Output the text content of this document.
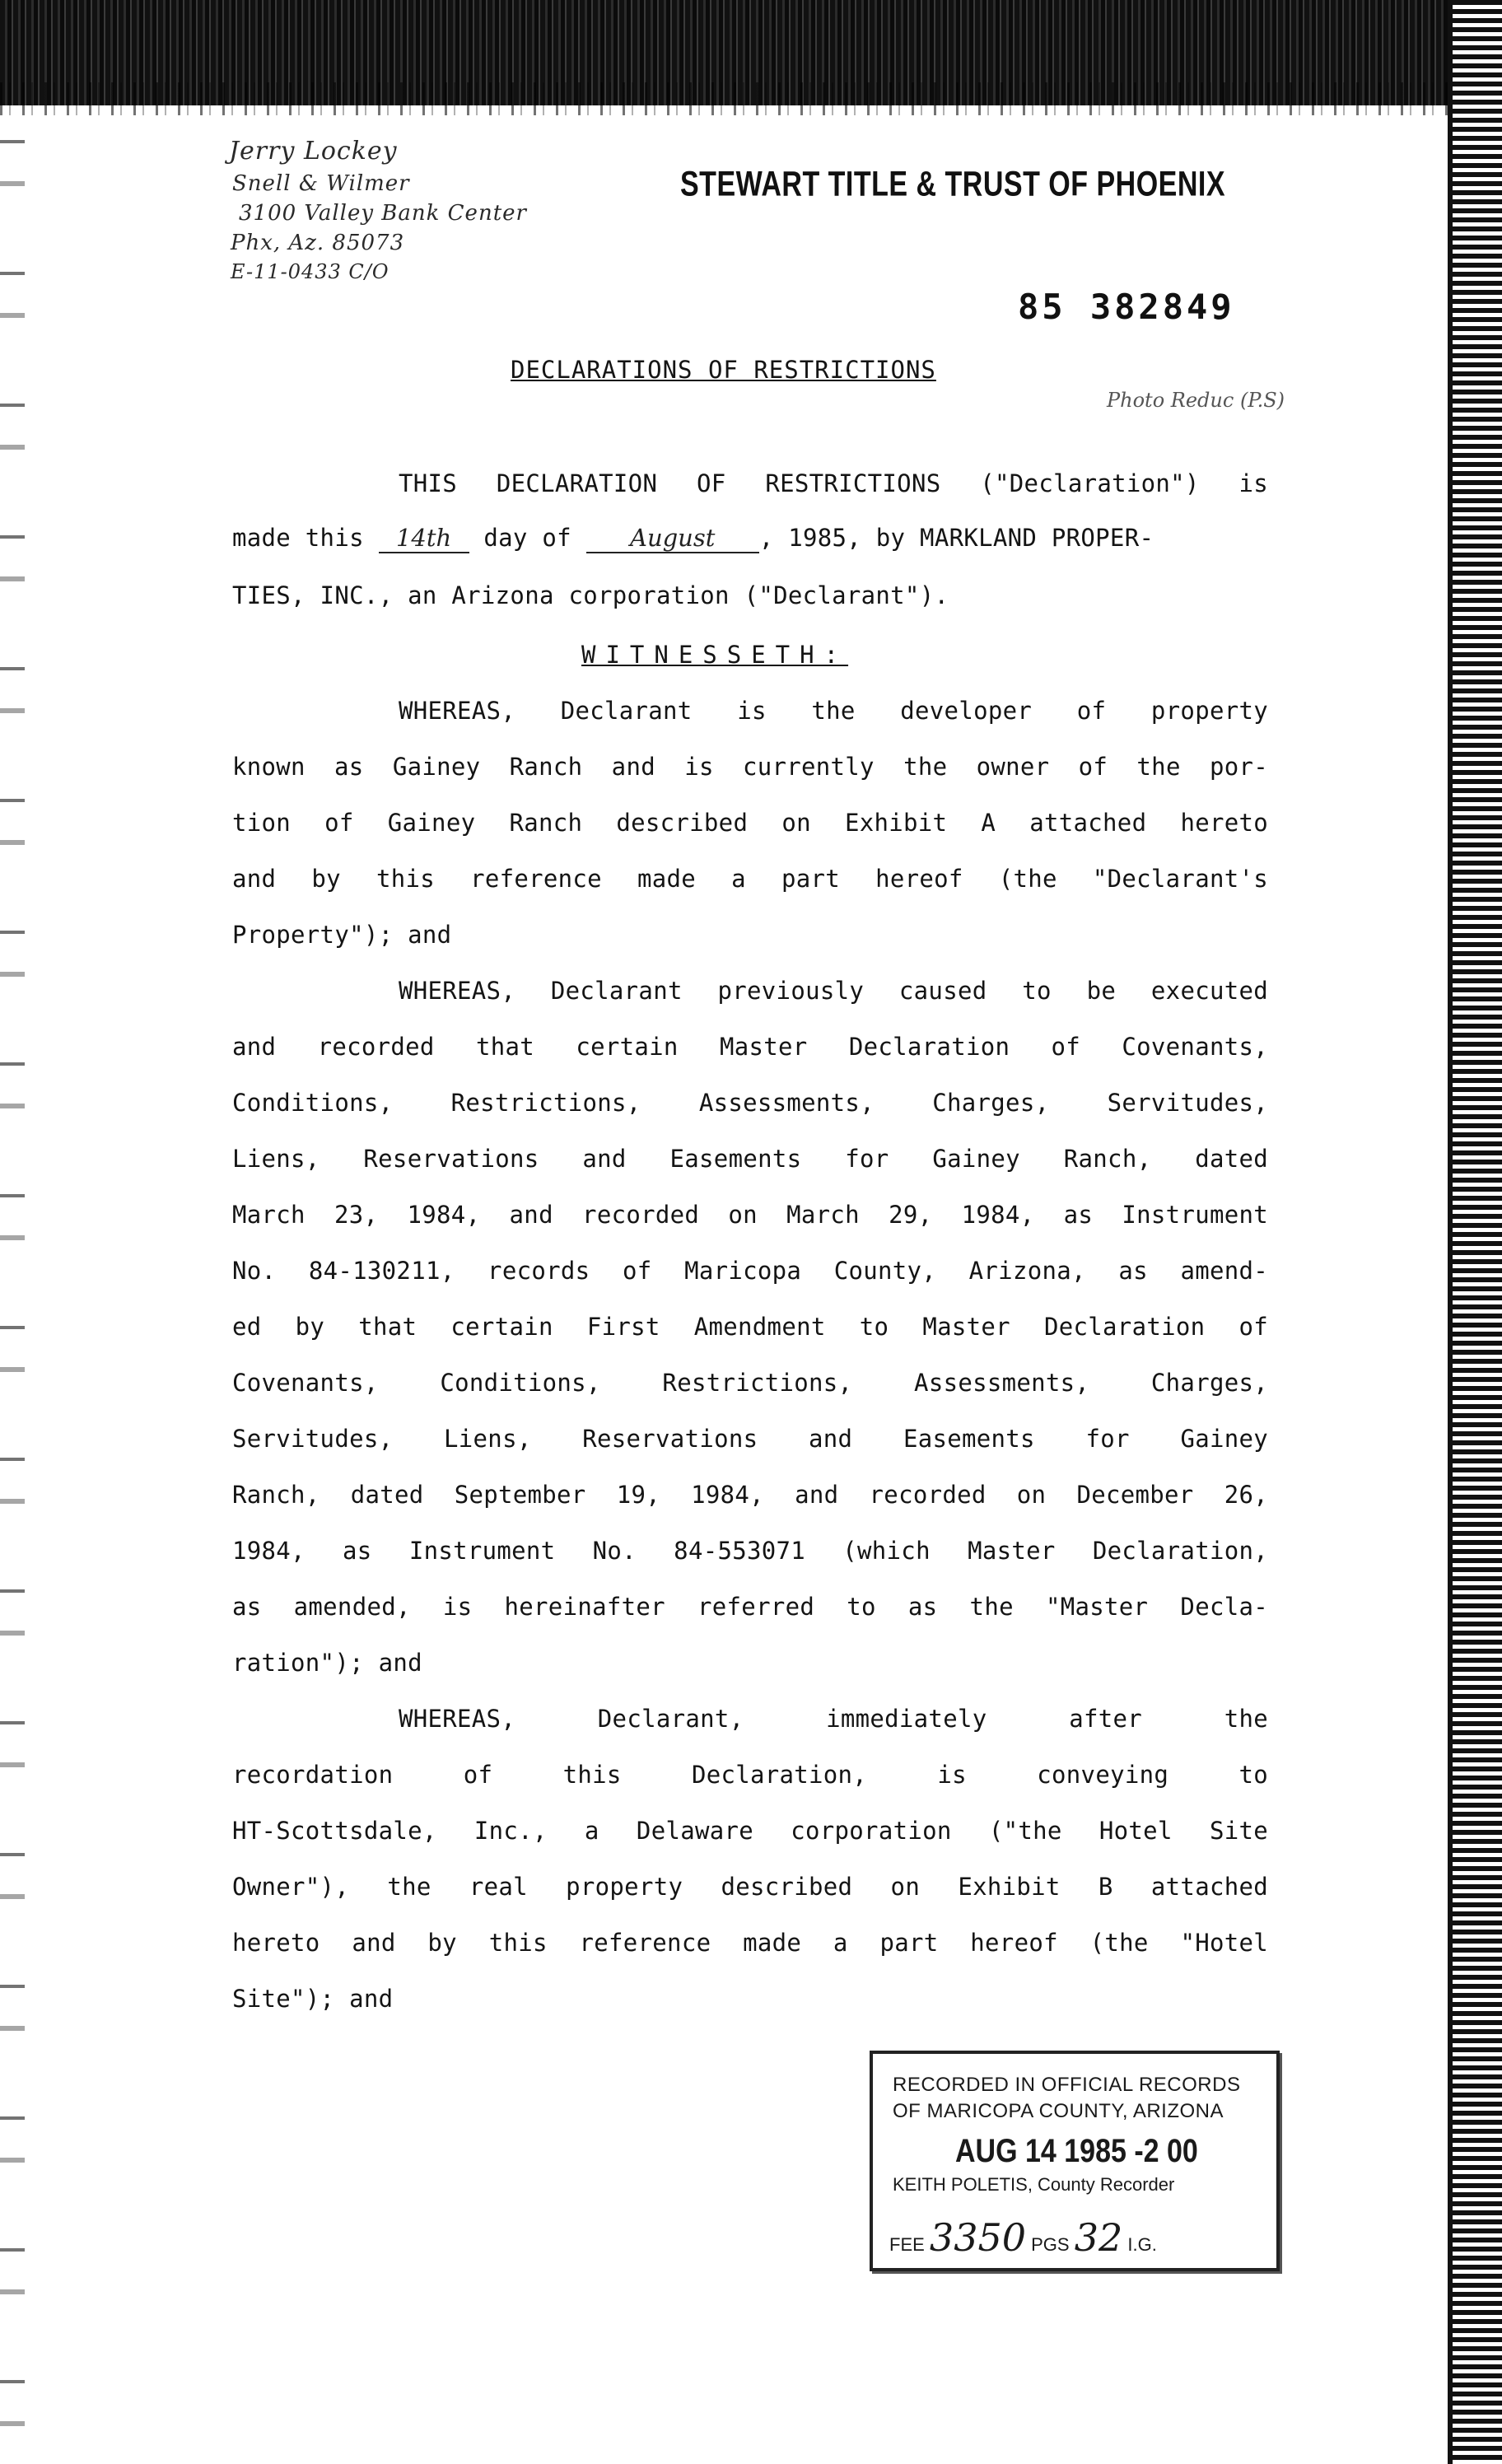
Jerry Lockey
Snell & Wilmer
3100 Valley Bank Center
Phx, Az. 85073
E-11-0433 C/O
STEWART TITLE & TRUST OF PHOENIX
85 382849
DECLARATIONS OF RESTRICTIONS
Photo Reduc (P.S)
THIS DECLARATION OF RESTRICTIONS ("Declaration") is
made this 14th day of August , 1985, by MARKLAND PROPER-
TIES, INC., an Arizona corporation ("Declarant").
WITNESSETH:
WHEREAS, Declarant is the developer of property
known as Gainey Ranch and is currently the owner of the por-
tion of Gainey Ranch described on Exhibit A attached hereto
and by this reference made a part hereof (the "Declarant's
Property"); and
WHEREAS, Declarant previously caused to be executed
and recorded that certain Master Declaration of Covenants,
Conditions, Restrictions, Assessments, Charges, Servitudes,
Liens, Reservations and Easements for Gainey Ranch, dated
March 23, 1984, and recorded on March 29, 1984, as Instrument
No. 84-130211, records of Maricopa County, Arizona, as amend-
ed by that certain First Amendment to Master Declaration of
Covenants, Conditions, Restrictions, Assessments, Charges,
Servitudes, Liens, Reservations and Easements for Gainey
Ranch, dated September 19, 1984, and recorded on December 26,
1984, as Instrument No. 84-553071 (which Master Declaration,
as amended, is hereinafter referred to as the "Master Decla-
ration"); and
WHEREAS, Declarant, immediately after the
recordation of this Declaration, is conveying to
HT-Scottsdale, Inc., a Delaware corporation ("the Hotel Site
Owner"), the real property described on Exhibit B attached
hereto and by this reference made a part hereof (the "Hotel
Site"); and
RECORDED IN OFFICIAL RECORDS
OF MARICOPA COUNTY, ARIZONA
AUG 14 1985 -2 00
KEITH POLETIS, County Recorder
FEE 3350 PGS 32 I.G.
